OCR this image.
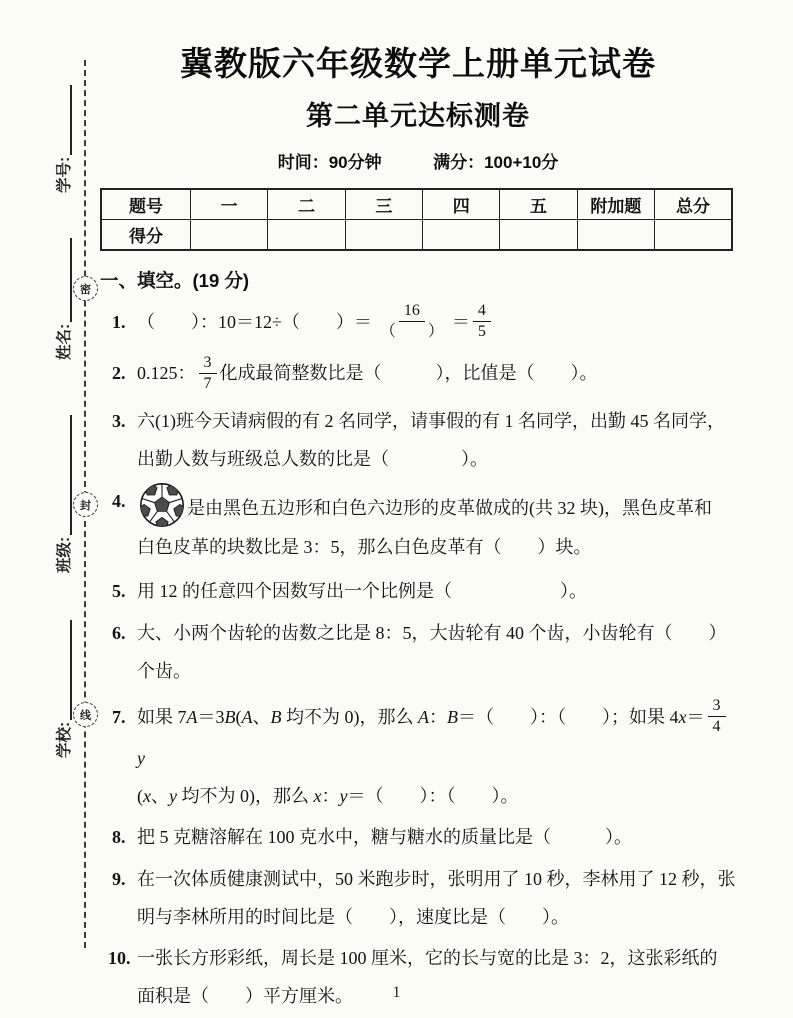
学号:
姓名:
班级:
学校:
密
封
线
冀教版六年级数学上册单元试卷
第二单元达标测卷
时间：90分钟	满分：100+10分
题号	一	二	三	四	五	附加题	总分
得分							
一、填空。(19 分)
1. （　　）：10＝12÷（　　）＝ $\frac{16}{( )} = \frac{4}{5}$
2. 0.125： $\frac{3}{7}$ 化成最简整数比是（　　　），比值是（　　）。
3. 六(1)班今天请病假的有 2 名同学，请事假的有 1 名同学，出勤 45 名同学，
出勤人数与班级总人数的比是（　　　　）。
4.	是由黑色五边形和白色六边形的皮革做成的(共 32 块)，黑色皮革和
白色皮革的块数比是 3：5，那么白色皮革有（　　）块。
5. 用 12 的任意四个因数写出一个比例是（　　　　　　）。
6. 大、小两个齿轮的齿数之比是 8：5，大齿轮有 40 个齿，小齿轮有（　　）
个齿。
7. 如果 7A＝3B(A、B 均不为 0)，那么 A：B＝（　　）：（　　）；如果 $4x= \frac{3}{4}$
y
(x、y 均不为 0)，那么 x：y＝（　　）：（　　）。
8. 把 5 克糖溶解在 100 克水中，糖与糖水的质量比是（　　　）。
9. 在一次体质健康测试中，50 米跑步时，张明用了 10 秒，李林用了 12 秒，张
明与李林所用的时间比是（　　），速度比是（　　）。
10. 一张长方形彩纸，周长是 100 厘米，它的长与宽的比是 3：2，这张彩纸的
面积是（　　）平方厘米。	1
